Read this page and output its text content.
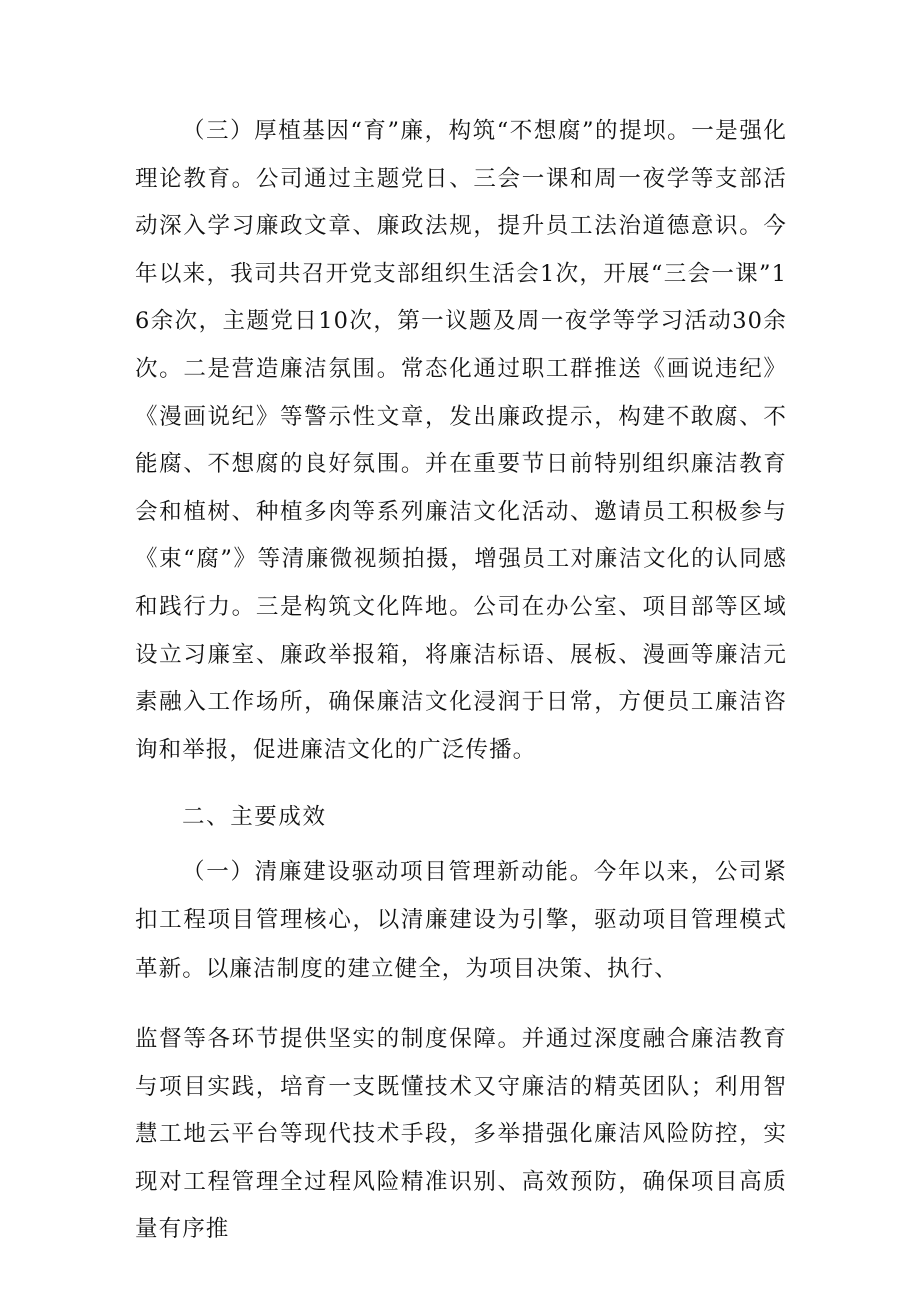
（三）厚植基因“育”廉，构筑“不想腐”的提坝。一是强化理论教育。公司通过主题党日、三会一课和周一夜学等支部活动深入学习廉政文章、廉政法规，提升员工法治道德意识。今年以来，我司共召开党支部组织生活会1次，开展“三会一课”16余次，主题党日10次，第一议题及周一夜学等学习活动30余次。二是营造廉洁氛围。常态化通过职工群推送《画说违纪》《漫画说纪》等警示性文章，发出廉政提示，构建不敢腐、不能腐、不想腐的良好氛围。并在重要节日前特别组织廉洁教育会和植树、种植多肉等系列廉洁文化活动、邀请员工积极参与《束“腐”》等清廉微视频拍摄，增强员工对廉洁文化的认同感和践行力。三是构筑文化阵地。公司在办公室、项目部等区域设立习廉室、廉政举报箱，将廉洁标语、展板、漫画等廉洁元素融入工作场所，确保廉洁文化浸润于日常，方便员工廉洁咨询和举报，促进廉洁文化的广泛传播。

二、主要成效

（一）清廉建设驱动项目管理新动能。今年以来，公司紧扣工程项目管理核心，以清廉建设为引擎，驱动项目管理模式

革新。以廉洁制度的建立健全，为项目决策、执行、

监督等各环节提供坚实的制度保障。并通过深度融合廉洁教育与项目实践，培育一支既懂技术又守廉洁的精英团队；利用智慧工地云平台等现代技术手段，多举措强化廉洁风险防控，实现对工程管理全过程风险精准识别、高效预防，确保项目高质量有序推
